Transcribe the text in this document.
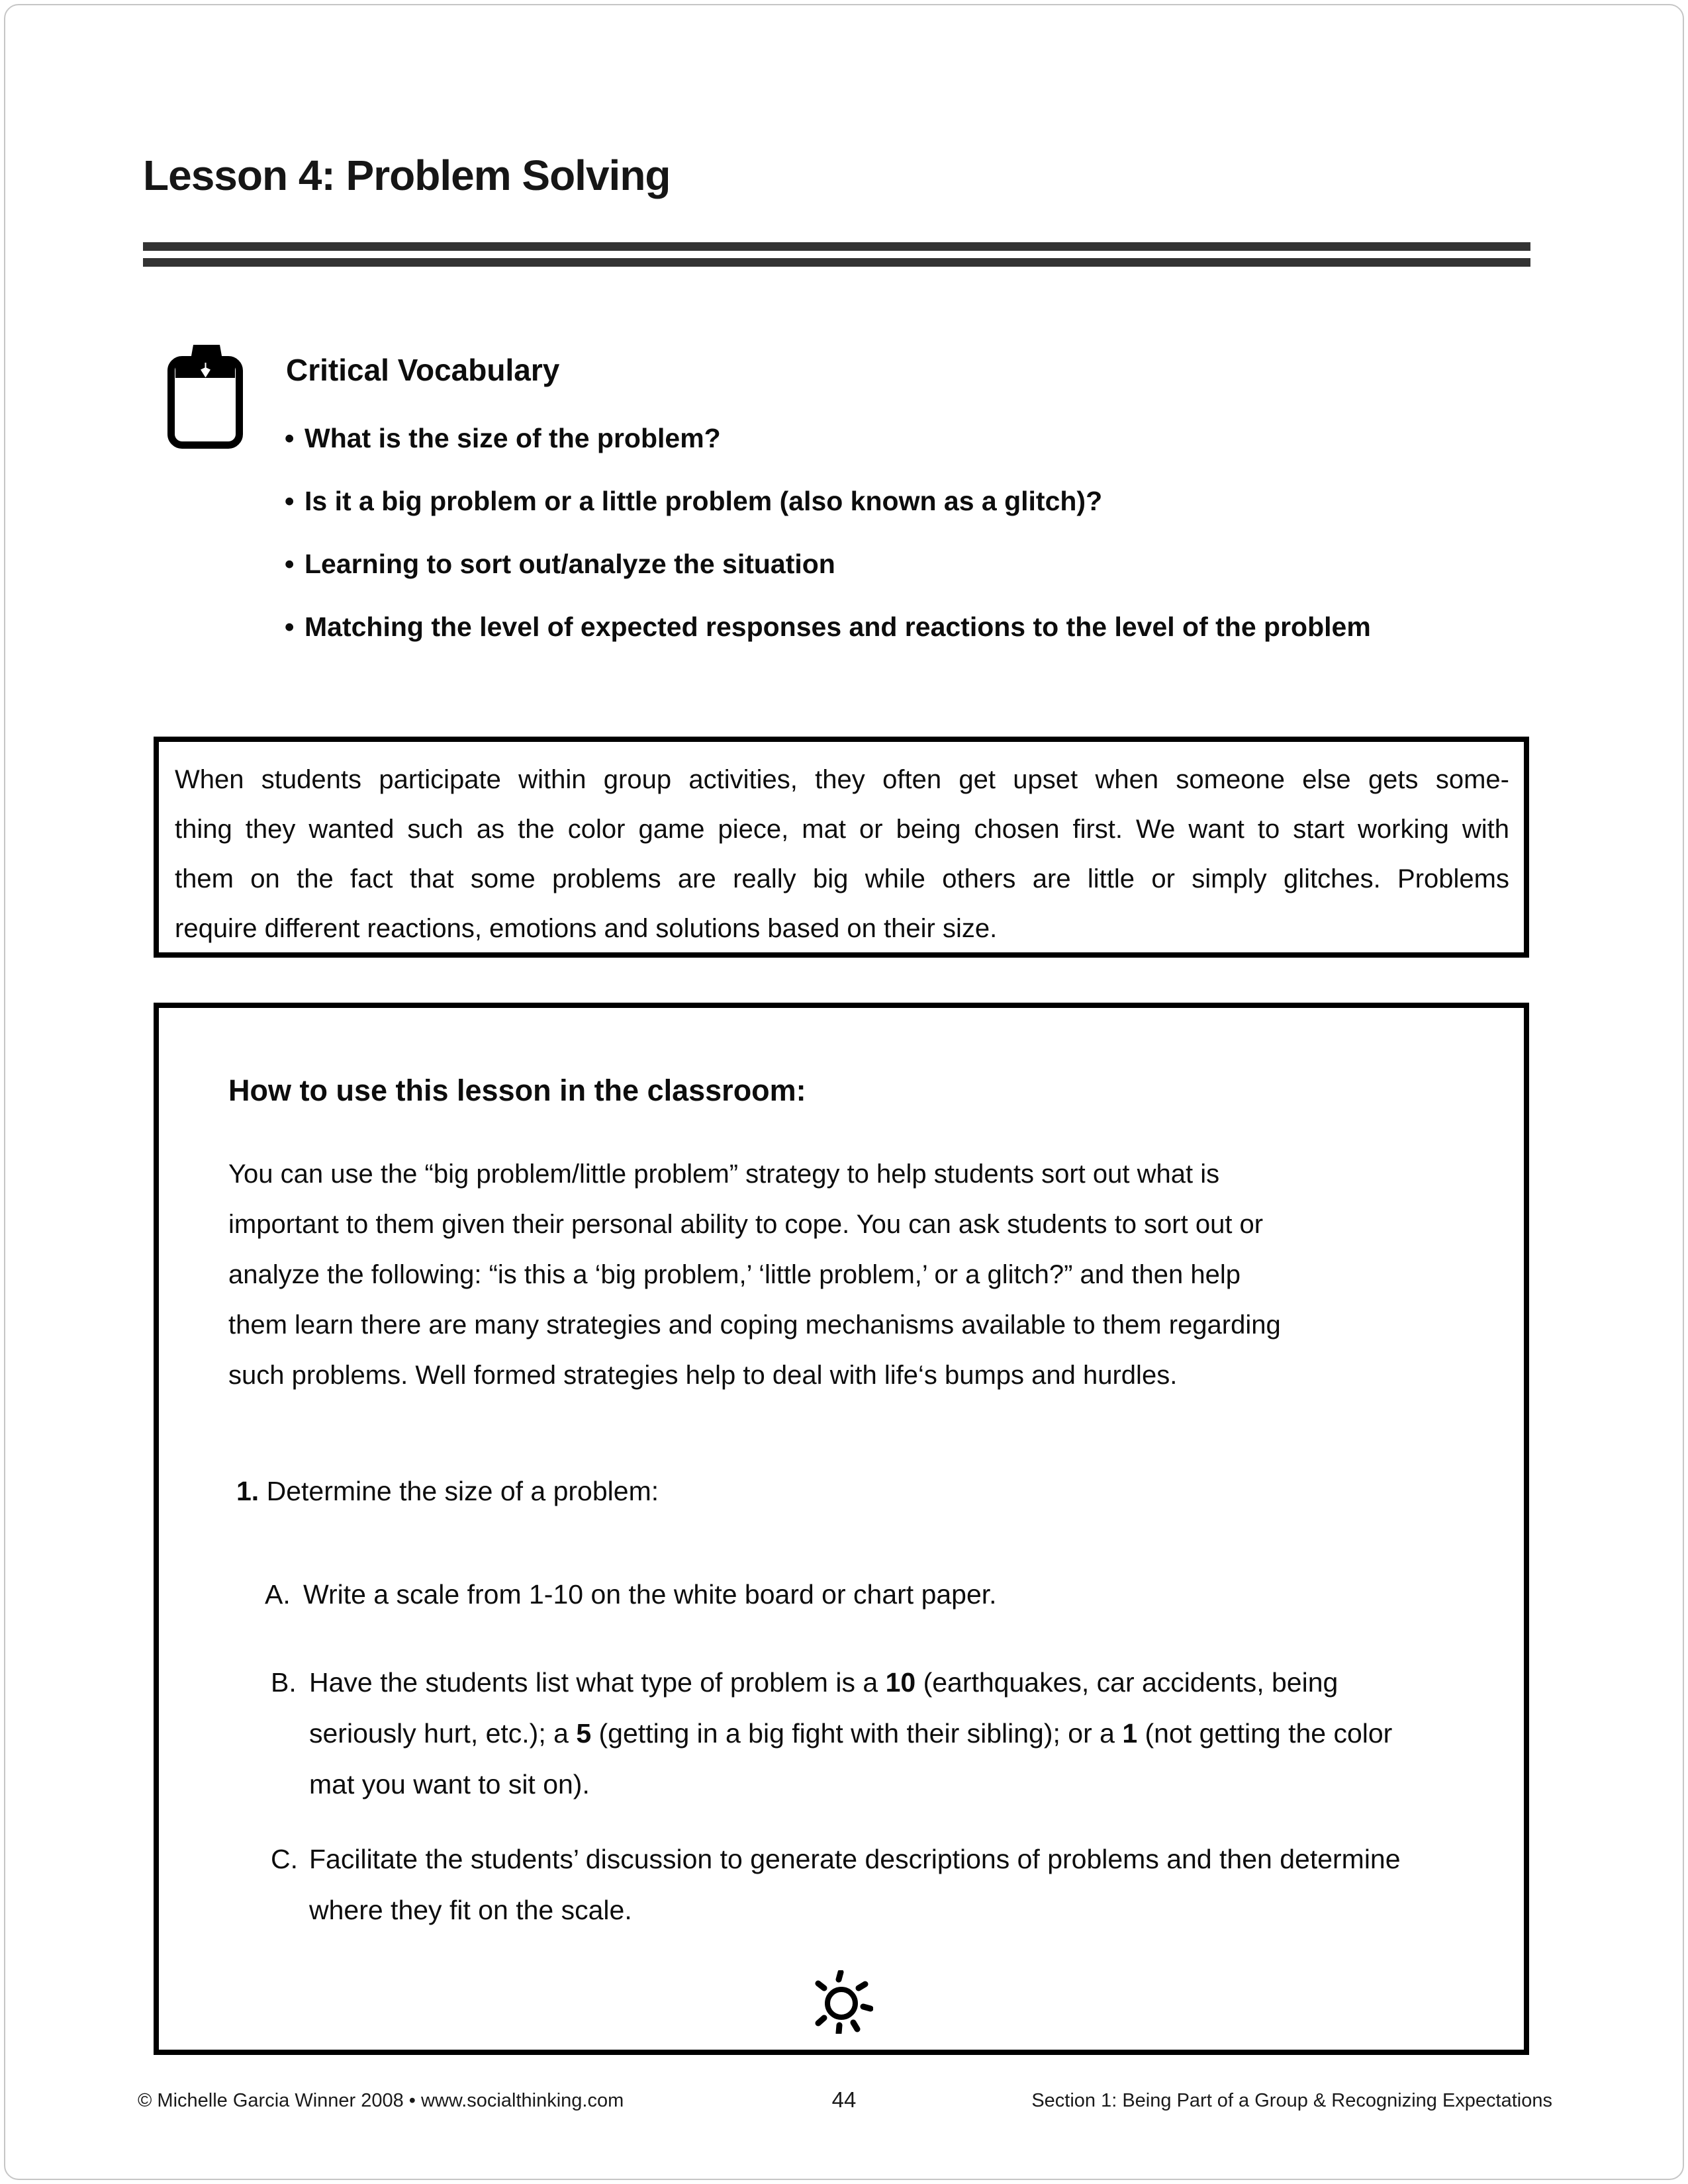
Lesson 4: Problem Solving
Critical Vocabulary
• What is the size of the problem?
• Is it a big problem or a little problem (also known as a glitch)?
• Learning to sort out/analyze the situation
• Matching the level of expected responses and reactions to the level of the problem
When students participate within group activities, they often get upset when someone else gets some-
thing they wanted such as the color game piece, mat or being chosen first. We want to start working with
them on the fact that some problems are really big while others are little or simply glitches. Problems
require different reactions, emotions and solutions based on their size.
How to use this lesson in the classroom:
You can use the “big problem/little problem” strategy to help students sort out what is
important to them given their personal ability to cope. You can ask students to sort out or
analyze the following: “is this a ‘big problem,’ ‘little problem,’ or a glitch?” and then help
them learn there are many strategies and coping mechanisms available to them regarding
such problems. Well formed strategies help to deal with life‘s bumps and hurdles.
1. Determine the size of a problem:
A. Write a scale from 1-10 on the white board or chart paper.
B. Have the students list what type of problem is a 10 (earthquakes, car accidents, being seriously hurt, etc.); a 5 (getting in a big fight with their sibling); or a 1 (not getting the color mat you want to sit on).
C. Facilitate the students’ discussion to generate descriptions of problems and then determine where they fit on the scale.
© Michelle Garcia Winner 2008 • www.socialthinking.com	44	Section 1: Being Part of a Group & Recognizing Expectations
